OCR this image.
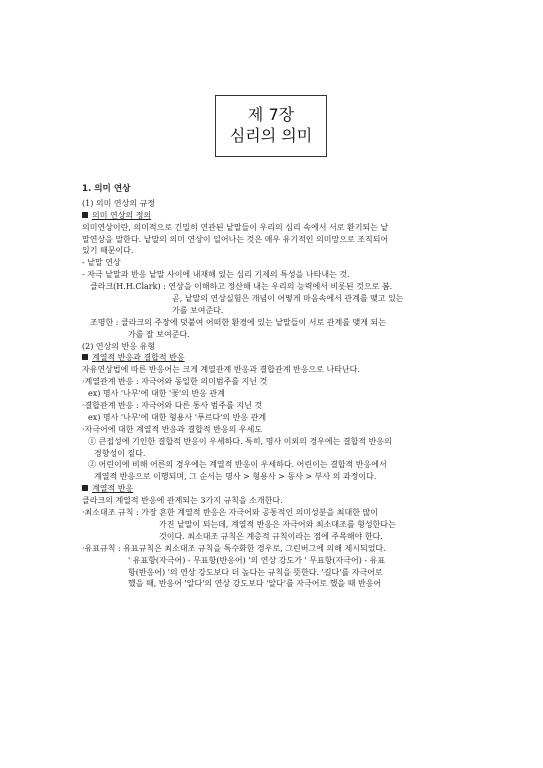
제 7장
심리의 의미
1. 의미 연상
(1) 의미 연상의 규정
의미 연상의 정의
의미연상이란, 의미적으로 긴밀히 연관된 낱말들이 우리의 심리 속에서 서로 환기되는 낱
말연상을 말한다. 낱말의 의미 연상이 일어나는 것은 매우 유기적인 의미망으로 조직되어
있기 때문이다.
- 낱말 연상
- 자극 낱말과 반응 낱말 사이에 내재해 있는 심리 기제의 특성을 나타내는 것.
클라크(H.H.Clark) : 연상을 이해하고 정산해 내는 우리의 능력에서 비롯된 것으로 봄.
곧, 낱말의 연상실험은 개념이 어떻게 마음속에서 관계를 맺고 있는
가를 보여준다.
조명한 : 클라크의 주장에 덧붙여 어떠한 환경에 있는 낱말들이 서로 관계를 맺게 되는
가를 잘 보여준다.
(2) 연상의 반응 유형
계열적 반응과 결합적 반응
자유연상법에 따른 반응어는 크게 계열관계 반응과 결합관계 반응으로 나타난다.
·계열관계 반응 : 자극어와 동일한 의미범주를 지닌 것
ex) 명사 '나무'에 대한 '꽃'의 반응 관계
·결합관계 반응 : 자극어와 다른 통사 범주를 지닌 것
ex) 명사 '나무'에 대한 형용사 '푸르다'의 반응 관계
·자극어에 대한 계열적 반응과 결합적 반응의 우세도
① 큰접성에 기인한 결합적 반응이 우세하다. 특히, 명사 이외의 경우에는 결합적 반응의
경향성이 짙다.
② 어린이에 비해 어른의 경우에는 계열적 반응이 우세하다. 어린이는 결합적 반응에서
계열적 반응으로 이행되며, 그 순서는 명사 > 형용사 > 동사 > 부사 의 과정이다.
계열적 반응
클라크의 계열적 반응에 관계되는 3가지 규칙을 소개한다.
·최소대조 규칙 : 가장 흔한 계열적 반응은 자극어와 공통적인 의미성분을 최대한 많이
가진 낱말이 되는데, 계열적 반응은 자극어와 최소대조를 형성한다는
것이다. 최소대조 규칙은 계층적 규칙이라는 점에 주목해야 한다.
·유표규칙 : 유표규칙은 최소대조 규칙을 특수화한 경우로, 그린버그에 의해 제시되었다.
' 유표항(자극어) - 무표항(반응어) '의 연상 강도가 ' 무표항(자극어) - 유표
항(반응어) '의 연상 강도보다 더 높다는 규칙을 뜻한다. '길다'를 자극어로
했을 때, 반응어 '알다'의 연상 강도보다 '알다'를 자극어로 했을 때 반응어
